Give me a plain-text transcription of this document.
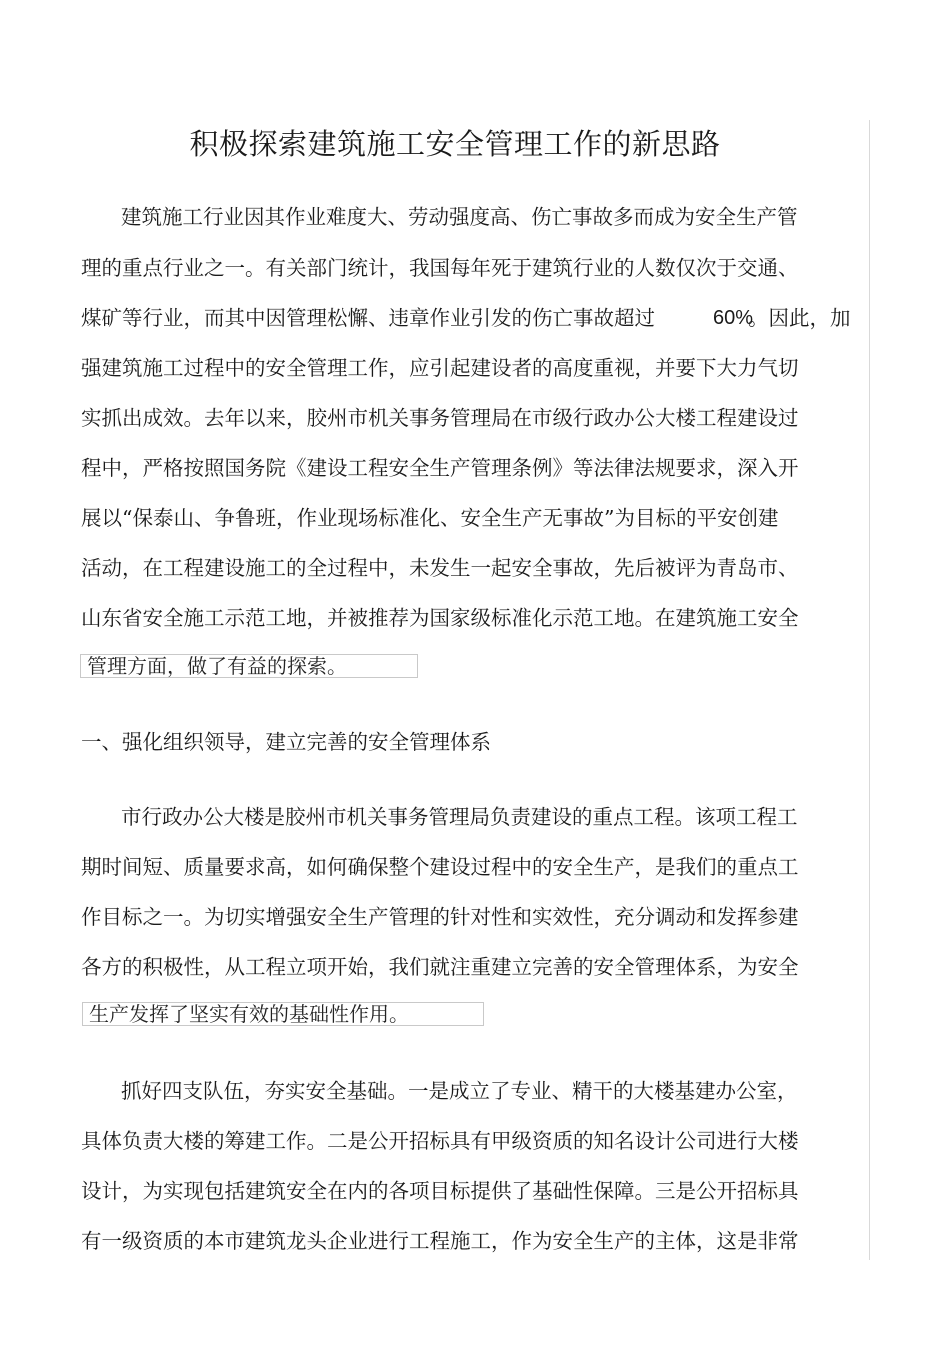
积极探索建筑施工安全管理工作的新思路
建筑施工行业因其作业难度大、劳动强度高、伤亡事故多而成为安全生产管
理的重点行业之一。有关部门统计，我国每年死于建筑行业的人数仅次于交通、
煤矿等行业，而其中因管理松懈、违章作业引发的伤亡事故超过	60%
。因此，加
强建筑施工过程中的安全管理工作，应引起建设者的高度重视，并要下大力气切
实抓出成效。去年以来，胶州市机关事务管理局在市级行政办公大楼工程建设过
程中，严格按照国务院《建设工程安全生产管理条例》等法律法规要求，深入开
展以“保泰山、争鲁班，作业现场标准化、安全生产无事故”为目标的平安创建
活动，在工程建设施工的全过程中，未发生一起安全事故，先后被评为青岛市、
山东省安全施工示范工地，并被推荐为国家级标准化示范工地。在建筑施工安全
管理方面，做了有益的探索。
一、强化组织领导，建立完善的安全管理体系
市行政办公大楼是胶州市机关事务管理局负责建设的重点工程。该项工程工
期时间短、质量要求高，如何确保整个建设过程中的安全生产，是我们的重点工
作目标之一。为切实增强安全生产管理的针对性和实效性，充分调动和发挥参建
各方的积极性，从工程立项开始，我们就注重建立完善的安全管理体系，为安全
生产发挥了坚实有效的基础性作用。
抓好四支队伍，夯实安全基础。一是成立了专业、精干的大楼基建办公室，
具体负责大楼的筹建工作。二是公开招标具有甲级资质的知名设计公司进行大楼
设计，为实现包括建筑安全在内的各项目标提供了基础性保障。三是公开招标具
有一级资质的本市建筑龙头企业进行工程施工，作为安全生产的主体，这是非常
